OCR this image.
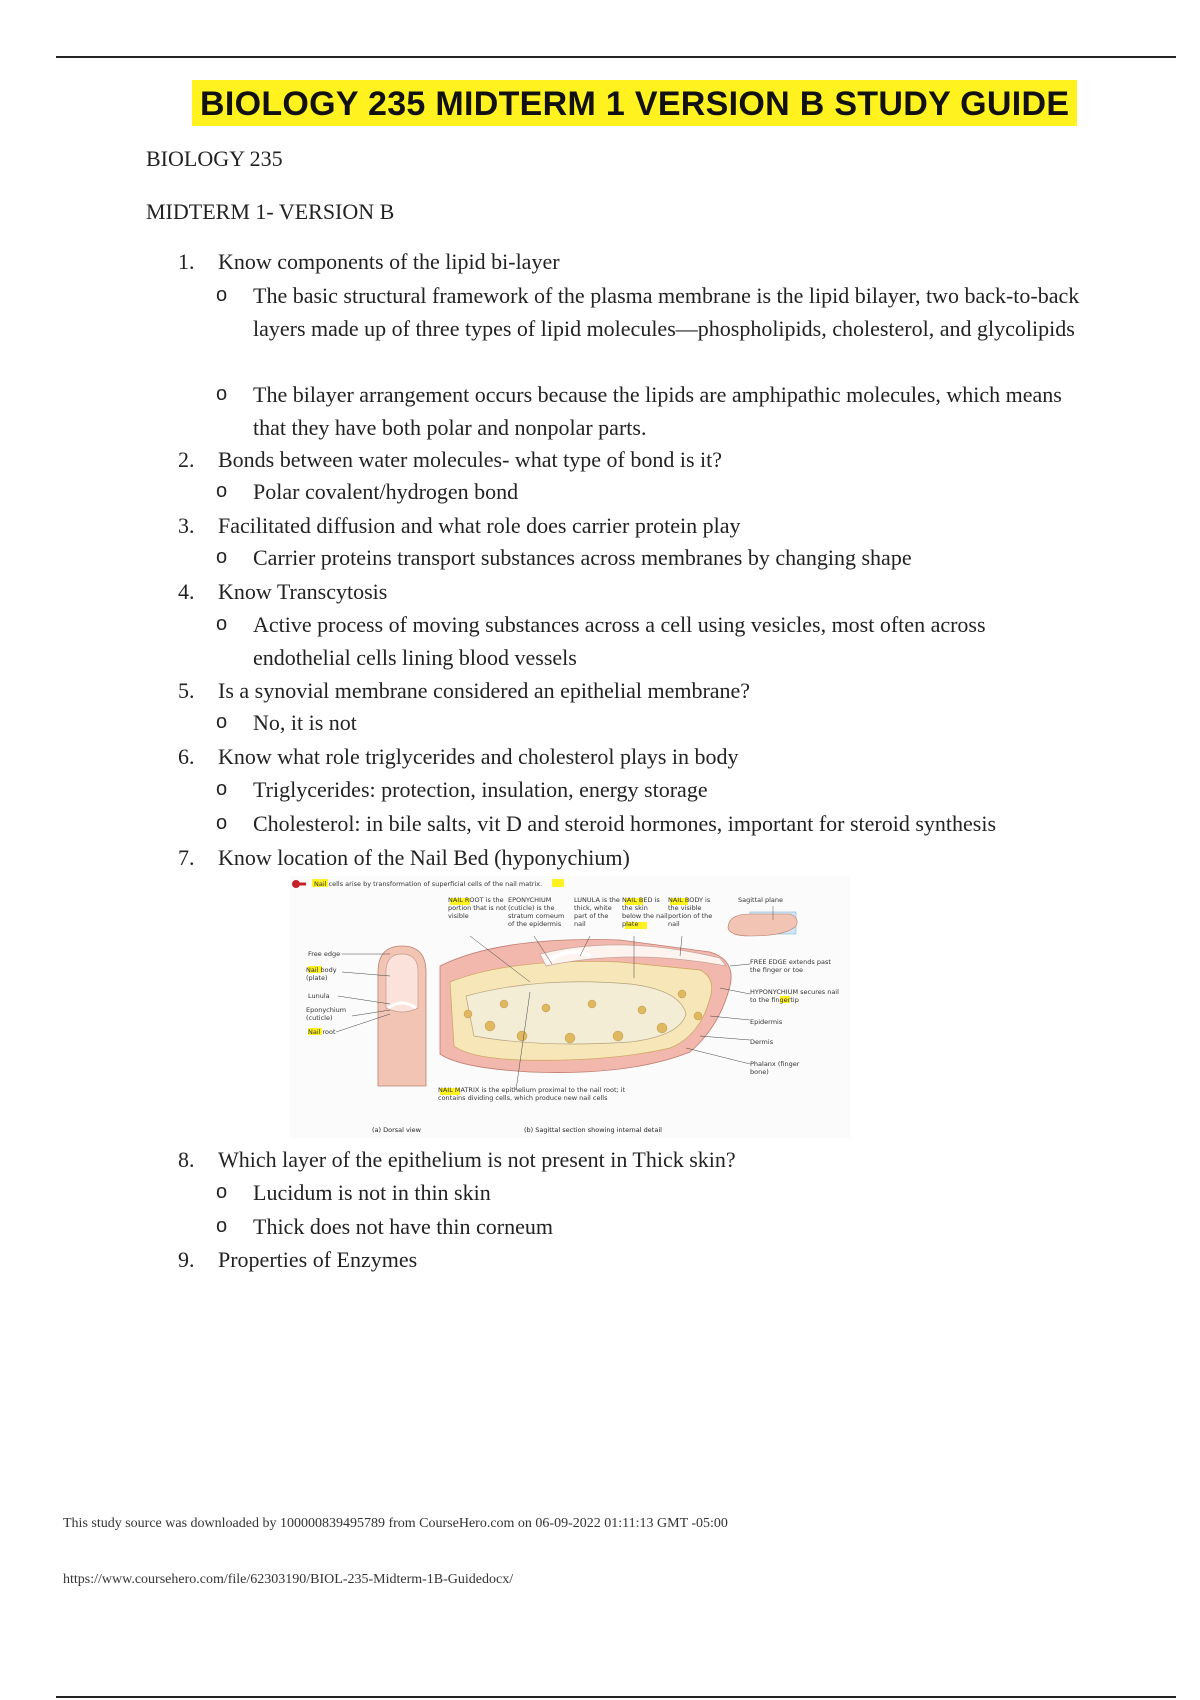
BIOLOGY 235 MIDTERM 1 VERSION B STUDY GUIDE
BIOLOGY 235
MIDTERM 1- VERSION B
1.	Know components of the lipid bi-layer
o	The basic structural framework of the plasma membrane is the lipid bilayer, two back-to-back layers made up of three types of lipid molecules—phospholipids, cholesterol, and glycolipids
o	The bilayer arrangement occurs because the lipids are amphipathic molecules, which means that they have both polar and nonpolar parts.
2.	Bonds between water molecules- what type of bond is it?
o	Polar covalent/hydrogen bond
3.	Facilitated diffusion and what role does carrier protein play
o	Carrier proteins transport substances across membranes by changing shape
4.	Know Transcytosis
o	Active process of moving substances across a cell using vesicles, most often across endothelial cells lining blood vessels
5.	Is a synovial membrane considered an epithelial membrane?
o	No, it is not
6.	Know what role triglycerides and cholesterol plays in body
o	Triglycerides: protection, insulation, energy storage
o	Cholesterol: in bile salts, vit D and steroid hormones, important for steroid synthesis
7.	Know location of the Nail Bed (hyponychium)
Nail cells arise by transformation of superficial cells of the nail matrix.
NAIL ROOT is the portion that is not visible
EPONYCHIUM (cuticle) is the stratum corneum of the epidermis
LUNULA is the thick, white part of the nail
NAIL BED is the skin below the nail plate
NAIL BODY is the visible portion of the nail
Sagittal plane
Free edge
Nail body (plate)
Lunula
Eponychium (cuticle)
Nail root
FREE EDGE extends past the finger or toe
HYPONYCHIUM secures nail to the fingertip
Epidermis
Dermis
Phalanx (finger bone)
NAIL MATRIX is the epithelium proximal to the nail root; it contains dividing cells, which produce new nail cells
(a) Dorsal view	(b) Sagittal section showing internal detail
8.	Which layer of the epithelium is not present in Thick skin?
o	Lucidum is not in thin skin
o	Thick does not have thin corneum
9.	Properties of Enzymes
This study source was downloaded by 100000839495789 from CourseHero.com on 06-09-2022 01:11:13 GMT -05:00
https://www.coursehero.com/file/62303190/BIOL-235-Midterm-1B-Guidedocx/
